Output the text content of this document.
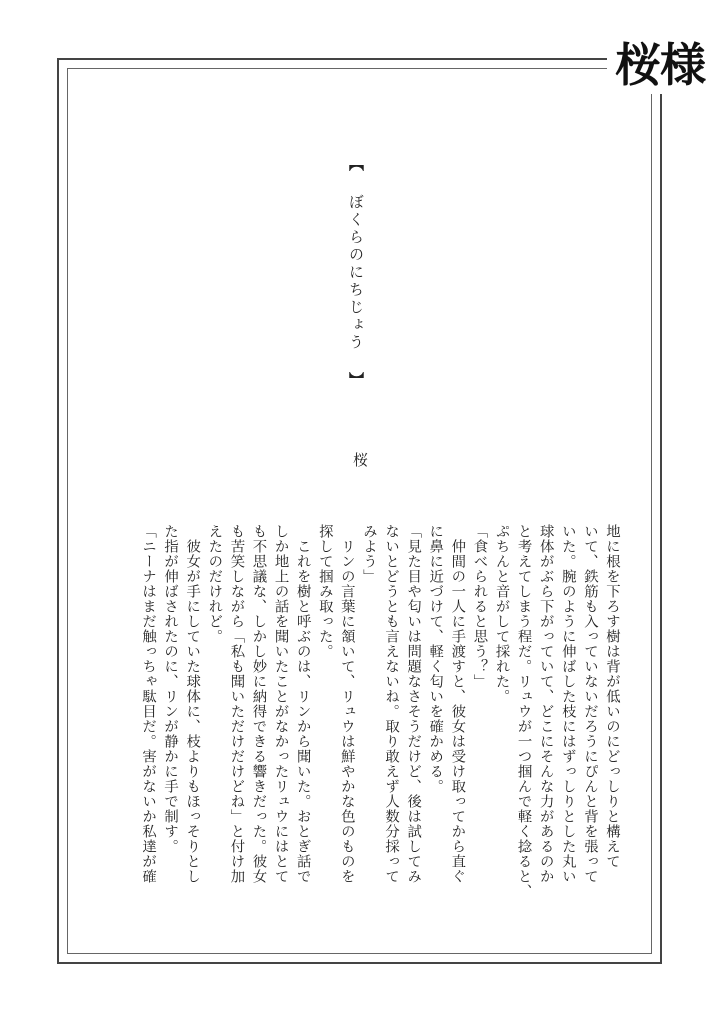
桜様
【 ぼくらのにちじょう 】
桜

地に根を下ろす樹は背が低いのにどっしりと構えて

いて、鉄筋も入っていないだろうにぴんと背を張って

いた。腕のように伸ばした枝にはずっしりとした丸い

球体がぶら下がっていて、どこにそんな力があるのか

と考えてしまう程だ。リュウが一つ掴んで軽く捻ると、

ぷちんと音がして採れた。

「食べられると思う？」

　仲間の一人に手渡すと、彼女は受け取ってから直ぐ

に鼻に近づけて、軽く匂いを確かめる。

「見た目や匂いは問題なさそうだけど、後は試してみ

ないとどうとも言えないね。取り敢えず人数分採って

みよう」

　リンの言葉に頷いて、リュウは鮮やかな色のものを

探して掴み取った。

　これを樹と呼ぶのは、リンから聞いた。おとぎ話で

しか地上の話を聞いたことがなかったリュウにはとて

も不思議な、しかし妙に納得できる響きだった。彼女

も苦笑しながら「私も聞いただけだけどね」と付け加

えたのだけれど。

　彼女が手にしていた球体に、枝よりもほっそりとし

た指が伸ばされたのに、リンが静かに手で制す。

「ニーナはまだ触っちゃ駄目だ。害がないか私達が確
